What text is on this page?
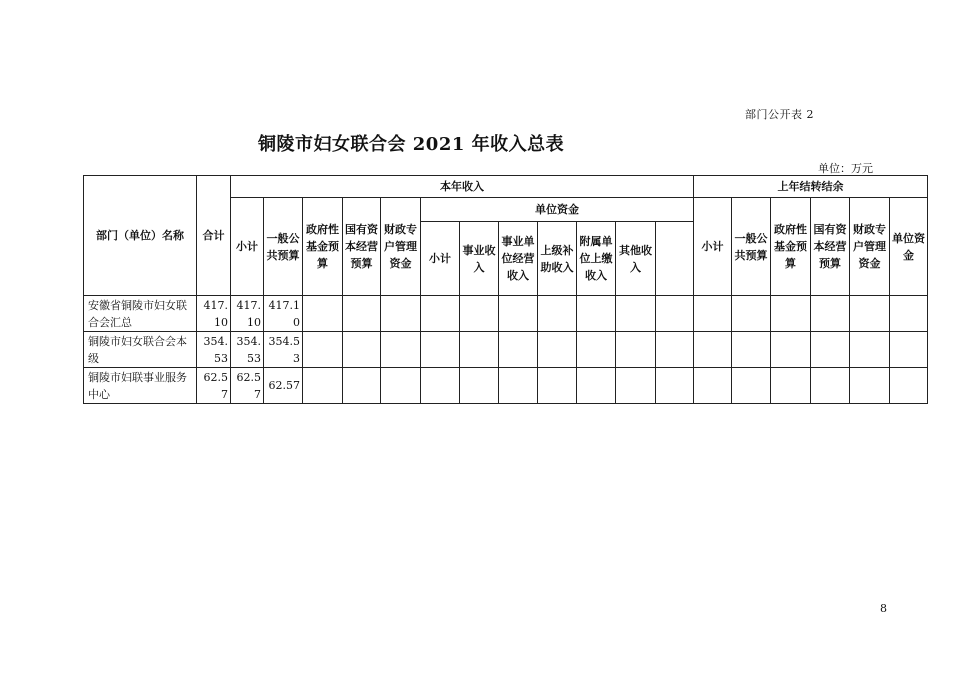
部门公开表 2
铜陵市妇女联合会 2021 年收入总表
单位：万元
部门（单位）名称	合计	本年收入												上年结转结余					
		小计	一般公共预算	政府性基金预算	国有资本经营预算	财政专户管理资金	单位资金							小计	一般公共预算	政府性基金预算	国有资本经营预算	财政专户管理资金	单位资金
							小计	事业收入	事业单位经营收入	上级补助收入	附属单位上缴收入	其他收入							
安徽省铜陵市妇女联合会汇总	417.10	417.10	417.10																
铜陵市妇女联合会本级	354.53	354.53	354.53																
铜陵市妇联事业服务中心	62.57	62.57	62.57																
8
